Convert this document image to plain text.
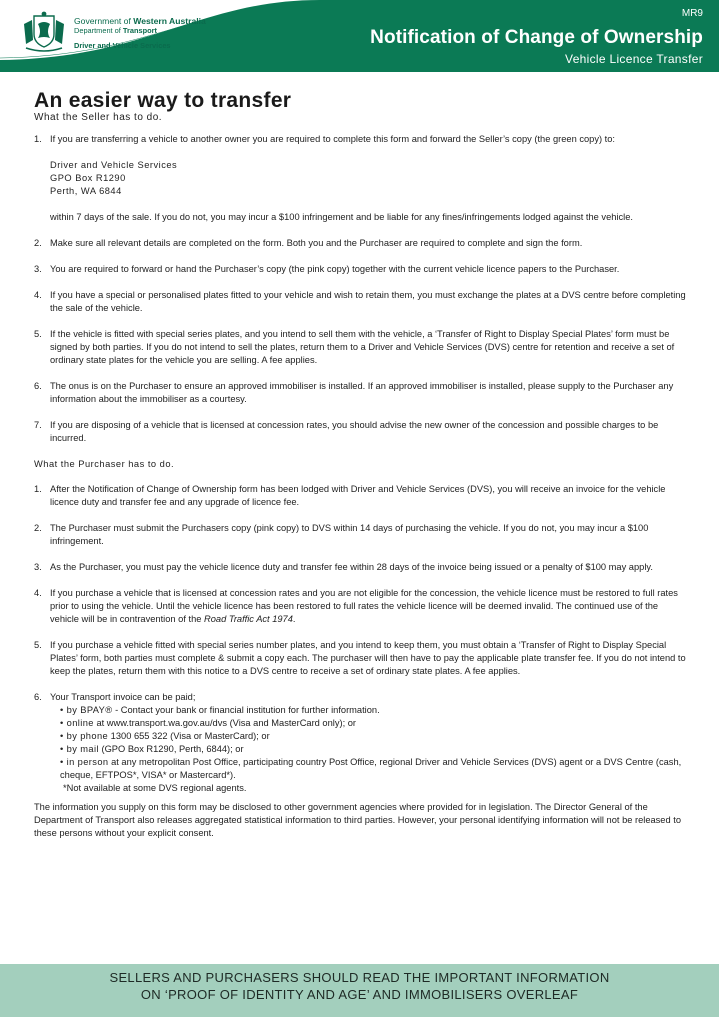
Government of Western Australia
Department of Transport
Driver and Vehicle Services
MR9
Notification of Change of Ownership
Vehicle Licence Transfer
An easier way to transfer
What the Seller has to do.
1. If you are transferring a vehicle to another owner you are required to complete this form and forward the Seller’s copy (the green copy) to:
Driver and Vehicle Services
GPO Box R1290
Perth, WA 6844
within 7 days of the sale. If you do not, you may incur a $100 infringement and be liable for any fines/infringements lodged against the vehicle.
2. Make sure all relevant details are completed on the form. Both you and the Purchaser are required to complete and sign the form.
3. You are required to forward or hand the Purchaser’s copy (the pink copy) together with the current vehicle licence papers to the Purchaser.
4. If you have a special or personalised plates fitted to your vehicle and wish to retain them, you must exchange the plates at a DVS centre before completing the sale of the vehicle.
5. If the vehicle is fitted with special series plates, and you intend to sell them with the vehicle, a ‘Transfer of Right to Display Special Plates’ form must be signed by both parties. If you do not intend to sell the plates, return them to a Driver and Vehicle Services (DVS) centre for retention and receive a set of ordinary state plates for the vehicle you are selling. A fee applies.
6. The onus is on the Purchaser to ensure an approved immobiliser is installed. If an approved immobiliser is installed, please supply to the Purchaser any information about the immobiliser as a courtesy.
7. If you are disposing of a vehicle that is licensed at concession rates, you should advise the new owner of the concession and possible charges to be incurred.
What the Purchaser has to do.
1. After the Notification of Change of Ownership form has been lodged with Driver and Vehicle Services (DVS), you will receive an invoice for the vehicle licence duty and transfer fee and any upgrade of licence fee.
2. The Purchaser must submit the Purchasers copy (pink copy) to DVS within 14 days of purchasing the vehicle. If you do not, you may incur a $100 infringement.
3. As the Purchaser, you must pay the vehicle licence duty and transfer fee within 28 days of the invoice being issued or a penalty of $100 may apply.
4. If you purchase a vehicle that is licensed at concession rates and you are not eligible for the concession, the vehicle licence must be restored to full rates prior to using the vehicle. Until the vehicle licence has been restored to full rates the vehicle licence will be deemed invalid. The continued use of the vehicle will be in contravention of the Road Traffic Act 1974.
5. If you purchase a vehicle fitted with special series number plates, and you intend to keep them, you must obtain a ‘Transfer of Right to Display Special Plates’ form, both parties must complete & submit a copy each. The purchaser will then have to pay the applicable plate transfer fee. If you do not intend to keep the plates, return them with this notice to a DVS centre to receive a set of ordinary state plates. A fee applies.
6. Your Transport invoice can be paid;
• by BPAY® - Contact your bank or financial institution for further information.
• online at www.transport.wa.gov.au/dvs (Visa and MasterCard only); or
• by phone 1300 655 322 (Visa or MasterCard); or
• by mail (GPO Box R1290, Perth, 6844); or
• in person at any metropolitan Post Office, participating country Post Office, regional Driver and Vehicle Services (DVS) agent or a DVS Centre (cash, cheque, EFTPOS*, VISA* or Mastercard*).
*Not available at some DVS regional agents.
The information you supply on this form may be disclosed to other government agencies where provided for in legislation. The Director General of the Department of Transport also releases aggregated statistical information to third parties. However, your personal identifying information will not be released to these persons without your explicit consent.
SELLERS AND PURCHASERS SHOULD READ THE IMPORTANT INFORMATION
ON ‘PROOF OF IDENTITY AND AGE’ AND IMMOBILISERS OVERLEAF
